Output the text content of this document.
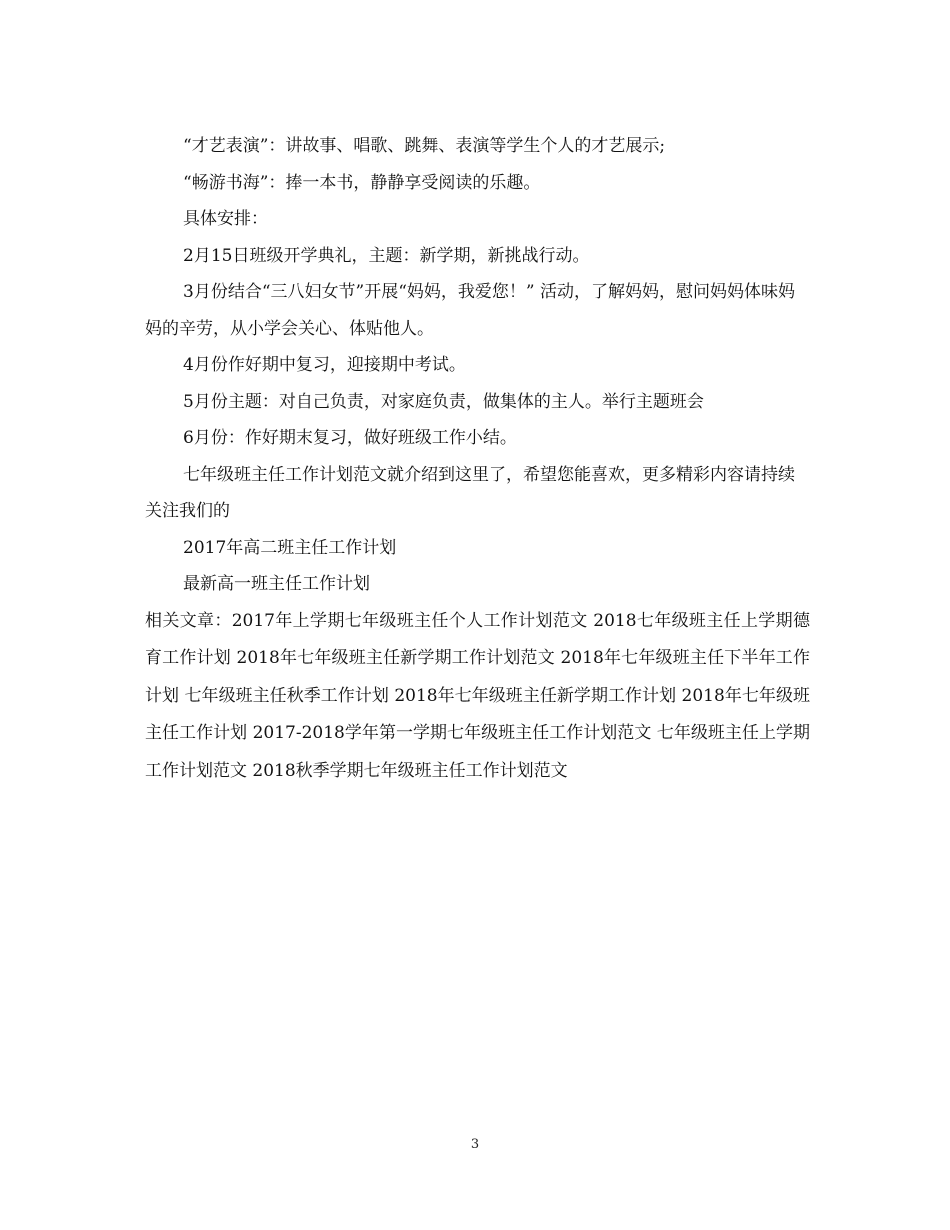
“才艺表演”：讲故事、唱歌、跳舞、表演等学生个人的才艺展示;

“畅游书海”：捧一本书，静静享受阅读的乐趣。

具体安排：

2月15日班级开学典礼，主题：新学期，新挑战行动。

3月份结合“三八妇女节”开展“妈妈，我爱您！” 活动，了解妈妈，慰问妈妈体味妈妈的辛劳，从小学会关心、体贴他人。

4月份作好期中复习，迎接期中考试。

5月份主题：对自己负责，对家庭负责，做集体的主人。举行主题班会

6月份：作好期末复习，做好班级工作小结。

七年级班主任工作计划范文就介绍到这里了，希望您能喜欢，更多精彩内容请持续关注我们的

2017年高二班主任工作计划

最新高一班主任工作计划

相关文章：2017年上学期七年级班主任个人工作计划范文 2018七年级班主任上学期德育工作计划 2018年七年级班主任新学期工作计划范文 2018年七年级班主任下半年工作计划 七年级班主任秋季工作计划 2018年七年级班主任新学期工作计划 2018年七年级班主任工作计划 2017-2018学年第一学期七年级班主任工作计划范文 七年级班主任上学期工作计划范文 2018秋季学期七年级班主任工作计划范文

3
